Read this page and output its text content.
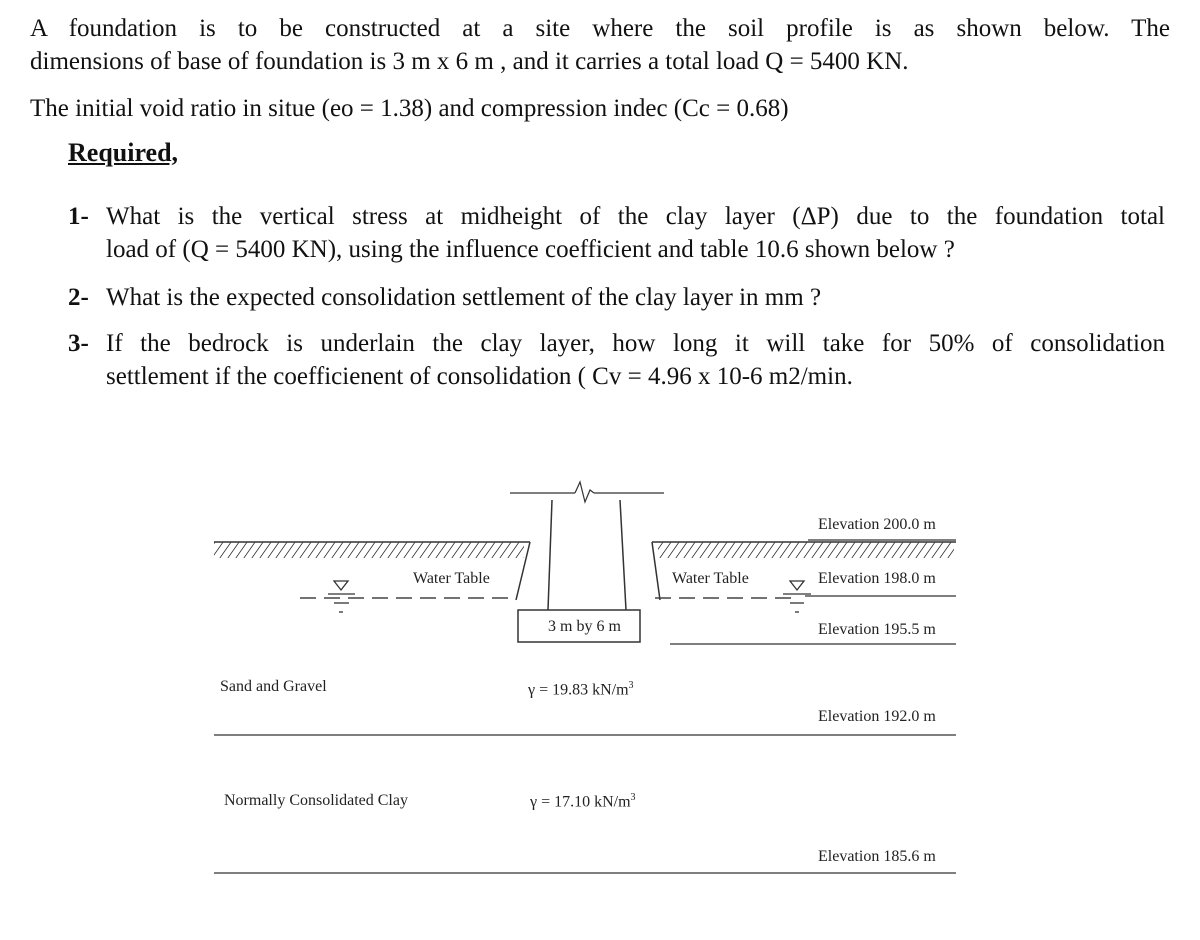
A foundation is to be constructed at a site where the soil profile is as shown below. The
dimensions of base of foundation is 3 m x 6 m , and it carries a total load Q = 5400 KN.
The initial void ratio in situe (eo = 1.38) and compression indec (Cc = 0.68)
Required,
1- What is the vertical stress at midheight of the clay layer (ΔP) due to the foundation total
load of (Q = 5400 KN), using the influence coefficient and table 10.6 shown below ?
2- What is the expected consolidation settlement of the clay layer in mm ?
3- If the bedrock is underlain the clay layer, how long it will take for 50% of consolidation
settlement if the coefficienent of consolidation ( Cv = 4.96 x 10-6 m2/min.
Elevation 200.0 m
Water Table	Water Table	Elevation 198.0 m
3 m by 6 m	Elevation 195.5 m
Sand and Gravel	γ = 19.83 $kN/m^3$
Elevation 192.0 m
Normally Consolidated Clay	γ = 17.10 $kN/m^3$
Elevation 185.6 m
